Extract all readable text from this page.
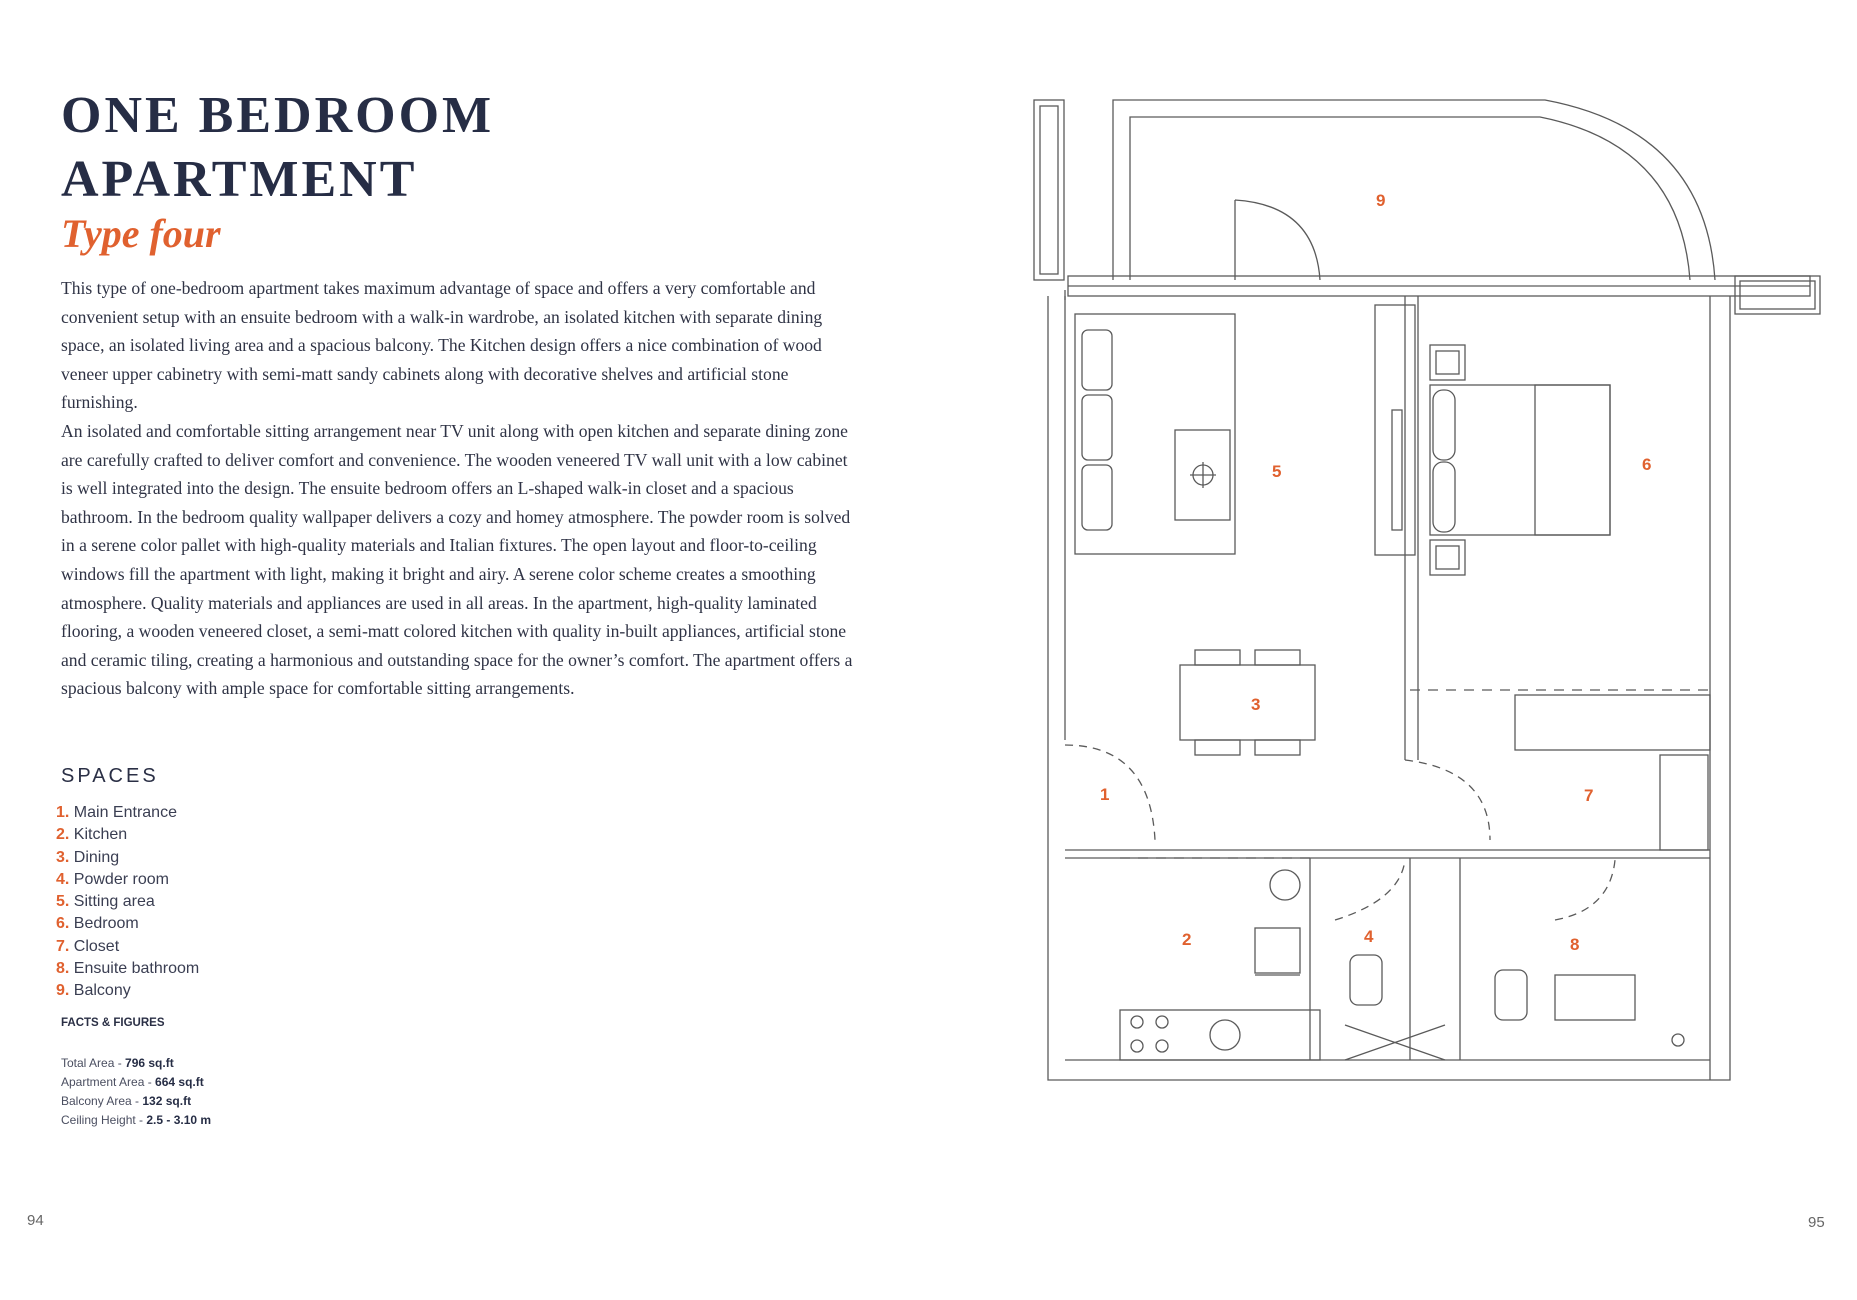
ONE BEDROOM
APARTMENT
Type four

This type of one-bedroom apartment takes maximum advantage of space and offers a very comfortable and convenient setup with an ensuite bedroom with a walk-in wardrobe, an isolated kitchen with separate dining space, an isolated living area and a spacious balcony. The Kitchen design offers a nice combination of wood veneer upper cabinetry with semi-matt sandy cabinets along with decorative shelves and artificial stone furnishing.

An isolated and comfortable sitting arrangement near TV unit along with open kitchen and separate dining zone are carefully crafted to deliver comfort and convenience. The wooden veneered TV wall unit with a low cabinet is well integrated into the design. The ensuite bedroom offers an L-shaped walk-in closet and a spacious bathroom. In the bedroom quality wallpaper delivers a cozy and homey atmosphere. The powder room is solved in a serene color pallet with high-quality materials and Italian fixtures. The open layout and floor-to-ceiling windows fill the apartment with light, making it bright and airy. A serene color scheme creates a smoothing atmosphere. Quality materials and appliances are used in all areas. In the apartment, high-quality laminated flooring, a wooden veneered closet, a semi-matt colored kitchen with quality in-built appliances, artificial stone and ceramic tiling, creating a harmonious and outstanding space for the owner’s comfort. The apartment offers a spacious balcony with ample space for comfortable sitting arrangements.

SPACES
1. Main Entrance
2. Kitchen
3. Dining
4. Powder room
5. Sitting area
6. Bedroom
7. Closet
8. Ensuite bathroom
9. Balcony
FACTS & FIGURES
Total Area - 796 sq.ft
Apartment Area - 664 sq.ft
Balcony Area - 132 sq.ft
Ceiling Height - 2.5 - 3.10 m
94	95
1
2
3
4
5	6
7
8
9
